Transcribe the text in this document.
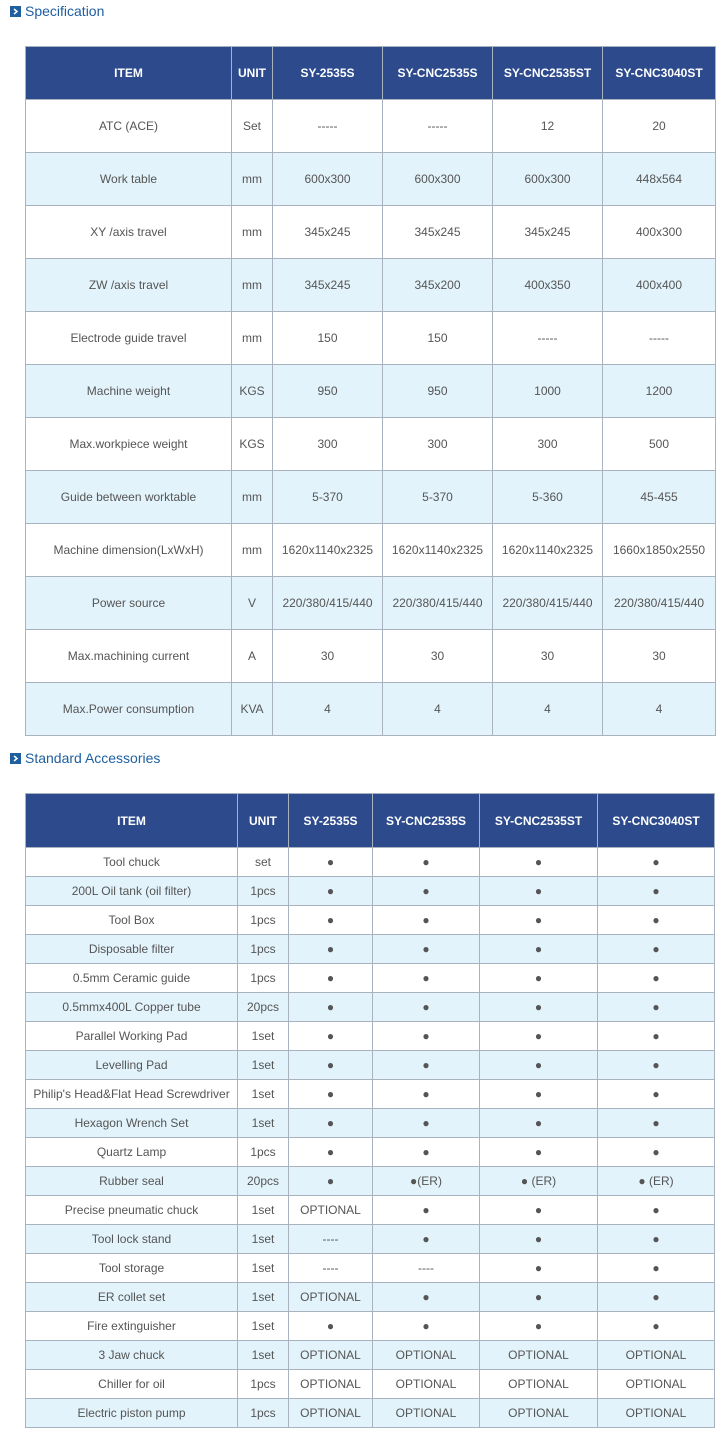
Specification
ITEM	UNIT	SY-2535S	SY-CNC2535S	SY-CNC2535ST	SY-CNC3040ST
ATC (ACE)	Set	-----	-----	12	20
Work table	mm	600x300	600x300	600x300	448x564
XY /axis travel	mm	345x245	345x245	345x245	400x300
ZW /axis travel	mm	345x245	345x200	400x350	400x400
Electrode guide travel	mm	150	150	-----	-----
Machine weight	KGS	950	950	1000	1200
Max.workpiece weight	KGS	300	300	300	500
Guide between worktable	mm	5-370	5-370	5-360	45-455
Machine dimension(LxWxH)	mm	1620x1140x2325	1620x1140x2325	1620x1140x2325	1660x1850x2550
Power source	V	220/380/415/440	220/380/415/440	220/380/415/440	220/380/415/440
Max.machining current	A	30	30	30	30
Max.Power consumption	KVA	4	4	4	4
Standard Accessories
ITEM	UNIT	SY-2535S	SY-CNC2535S	SY-CNC2535ST	SY-CNC3040ST
Tool chuck	set	●	●	●	●
200L Oil tank (oil filter)	1pcs	●	●	●	●
Tool Box	1pcs	●	●	●	●
Disposable filter	1pcs	●	●	●	●
0.5mm Ceramic guide	1pcs	●	●	●	●
0.5mmx400L Copper tube	20pcs	●	●	●	●
Parallel Working Pad	1set	●	●	●	●
Levelling Pad	1set	●	●	●	●
Philip's Head&Flat Head Screwdriver	1set	●	●	●	●
Hexagon Wrench Set	1set	●	●	●	●
Quartz Lamp	1pcs	●	●	●	●
Rubber seal	20pcs	●	●(ER)	● (ER)	● (ER)
Precise pneumatic chuck	1set	OPTIONAL	●	●	●
Tool lock stand	1set	----	●	●	●
Tool storage	1set	----	----	●	●
ER collet set	1set	OPTIONAL	●	●	●
Fire extinguisher	1set	●	●	●	●
3 Jaw chuck	1set	OPTIONAL	OPTIONAL	OPTIONAL	OPTIONAL
Chiller for oil	1pcs	OPTIONAL	OPTIONAL	OPTIONAL	OPTIONAL
Electric piston pump	1pcs	OPTIONAL	OPTIONAL	OPTIONAL	OPTIONAL
